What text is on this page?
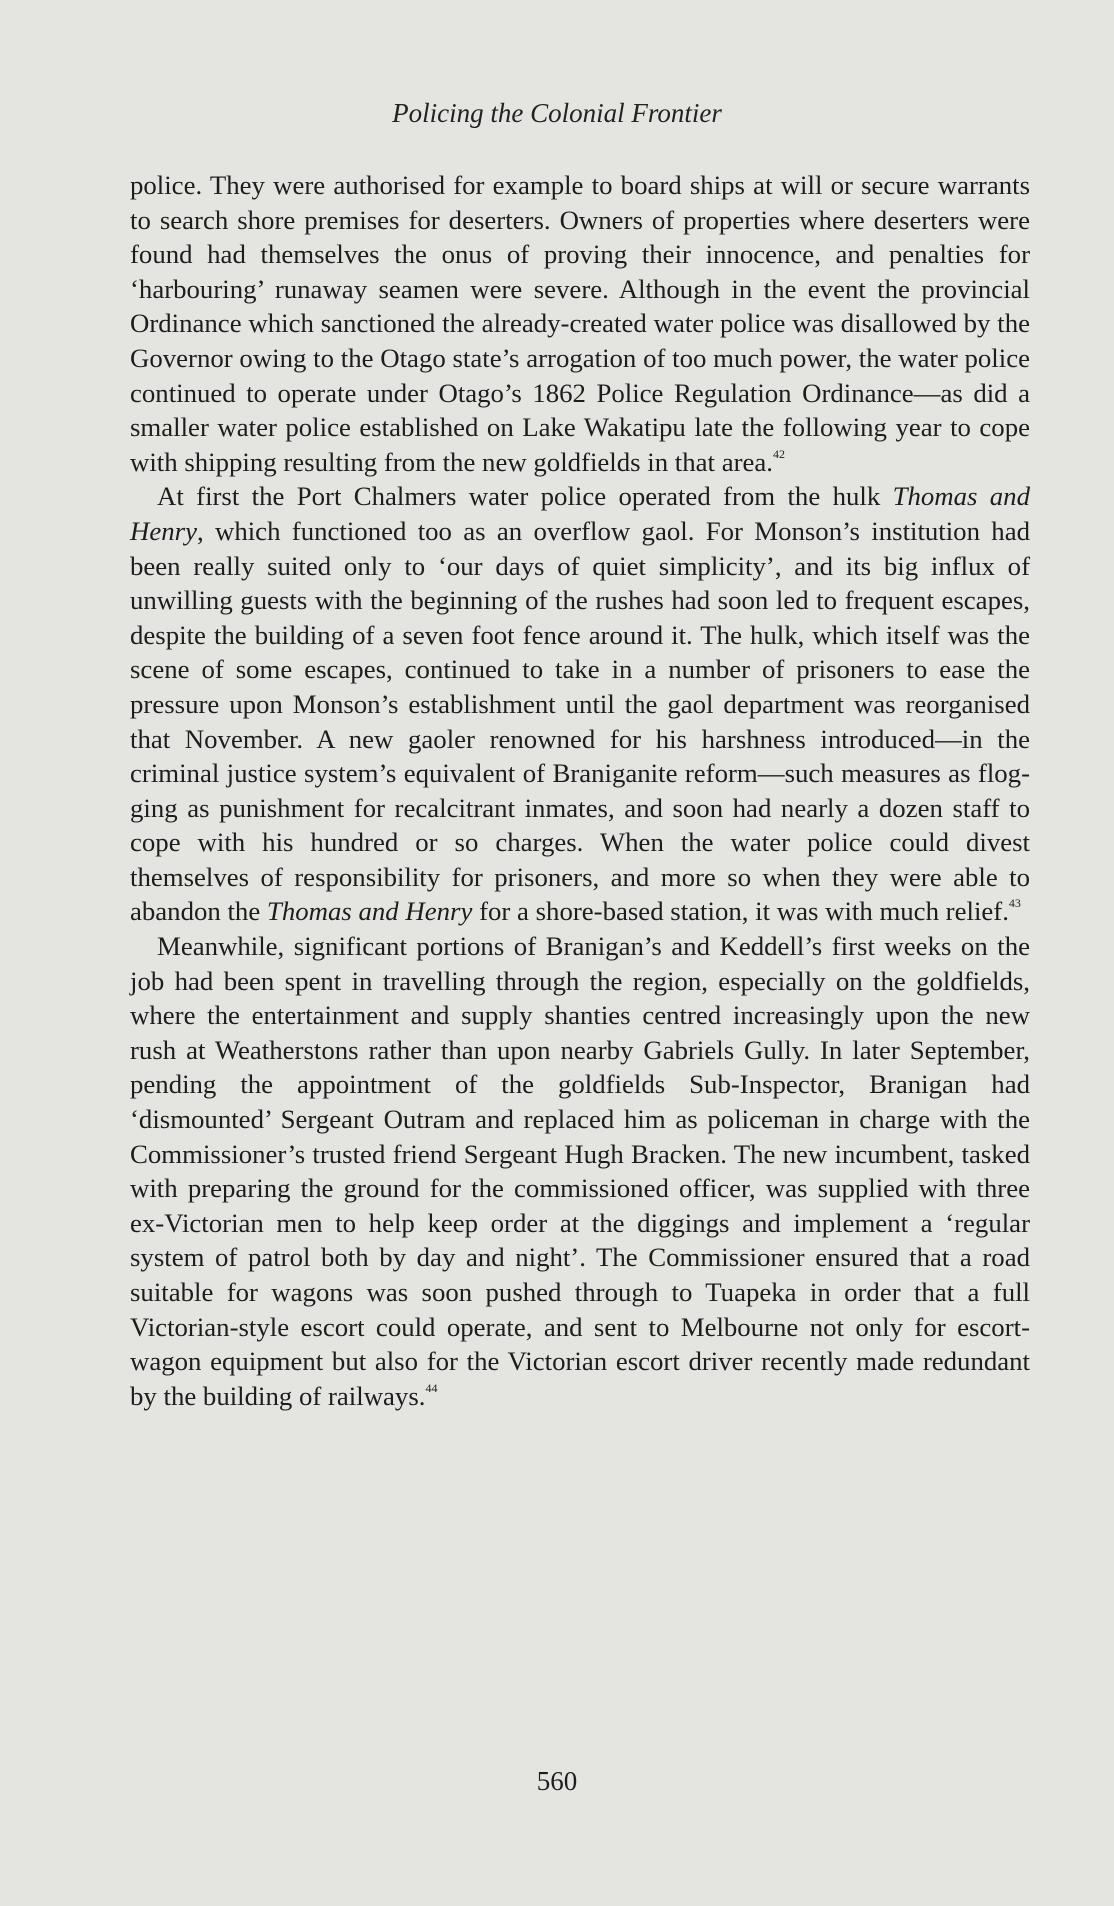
Policing the Colonial Frontier

police. They were authorised for example to board ships at will or secure warrants to search shore premises for deserters. Owners of properties where deserters were found had themselves the onus of proving their innocence, and penalties for ‘harbouring’ runaway seamen were severe. Although in the event the provincial Ordinance which sanctioned the already-created water police was disallowed by the Governor owing to the Otago state’s arrogation of too much power, the water police continued to operate under Otago’s 1862 Police Regulation Ordinance—as did a smaller water police established on Lake Wakatipu late the following year to cope with shipping resulting from the new goldfields in that area.$^{42}$

At first the Port Chalmers water police operated from the hulk Thomas and Henry, which functioned too as an overflow gaol. For Monson’s institution had been really suited only to ‘our days of quiet simplicity’, and its big influx of unwilling guests with the beginning of the rushes had soon led to frequent escapes, despite the building of a seven foot fence around it. The hulk, which itself was the scene of some escapes, continued to take in a number of prisoners to ease the pressure upon Monson’s establishment until the gaol department was reorganised that November. A new gaoler renowned for his harshness introduced—in the criminal justice system’s equivalent of Braniganite reform—such measures as flogging as punishment for recalcitrant inmates, and soon had nearly a dozen staff to cope with his hundred or so charges. When the water police could divest themselves of responsibility for prisoners, and more so when they were able to abandon the Thomas and Henry for a shore-based station, it was with much relief.$^{43}$

Meanwhile, significant portions of Branigan’s and Keddell’s first weeks on the job had been spent in travelling through the region, especially on the goldfields, where the entertainment and supply shanties centred increasingly upon the new rush at Weatherstons rather than upon nearby Gabriels Gully. In later September, pending the appointment of the goldfields Sub-Inspector, Branigan had ‘dismounted’ Sergeant Outram and replaced him as policeman in charge with the Commissioner’s trusted friend Sergeant Hugh Bracken. The new incumbent, tasked with preparing the ground for the commissioned officer, was supplied with three ex-Victorian men to help keep order at the diggings and implement a ‘regular system of patrol both by day and night’. The Commissioner ensured that a road suitable for wagons was soon pushed through to Tuapeka in order that a full Victorian-style escort could operate, and sent to Melbourne not only for escort-wagon equipment but also for the Victorian escort driver recently made redundant by the building of railways.$^{44}$

560
